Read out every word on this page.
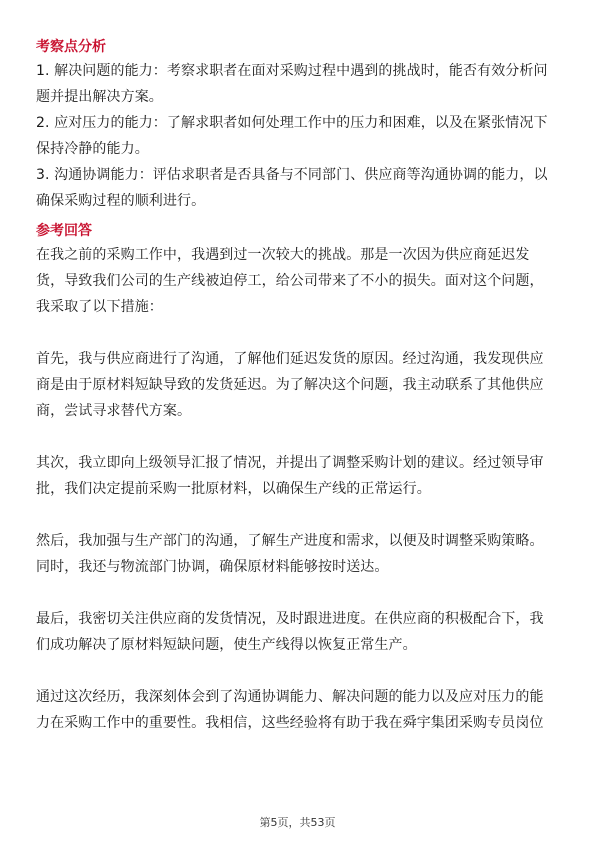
考察点分析

1. 解决问题的能力：考察求职者在面对采购过程中遇到的挑战时，能否有效分析问
题并提出解决方案。

2. 应对压力的能力：了解求职者如何处理工作中的压力和困难，以及在紧张情况下
保持冷静的能力。

3. 沟通协调能力：评估求职者是否具备与不同部门、供应商等沟通协调的能力，以
确保采购过程的顺利进行。

参考回答

在我之前的采购工作中，我遇到过一次较大的挑战。那是一次因为供应商延迟发
货，导致我们公司的生产线被迫停工，给公司带来了不小的损失。面对这个问题，
我采取了以下措施：

首先，我与供应商进行了沟通，了解他们延迟发货的原因。经过沟通，我发现供应
商是由于原材料短缺导致的发货延迟。为了解决这个问题，我主动联系了其他供应
商，尝试寻求替代方案。

其次，我立即向上级领导汇报了情况，并提出了调整采购计划的建议。经过领导审
批，我们决定提前采购一批原材料，以确保生产线的正常运行。

然后，我加强与生产部门的沟通，了解生产进度和需求，以便及时调整采购策略。
同时，我还与物流部门协调，确保原材料能够按时送达。

最后，我密切关注供应商的发货情况，及时跟进进度。在供应商的积极配合下，我
们成功解决了原材料短缺问题，使生产线得以恢复正常生产。

通过这次经历，我深刻体会到了沟通协调能力、解决问题的能力以及应对压力的能
力在采购工作中的重要性。我相信，这些经验将有助于我在舜宇集团采购专员岗位

第5页，共53页
